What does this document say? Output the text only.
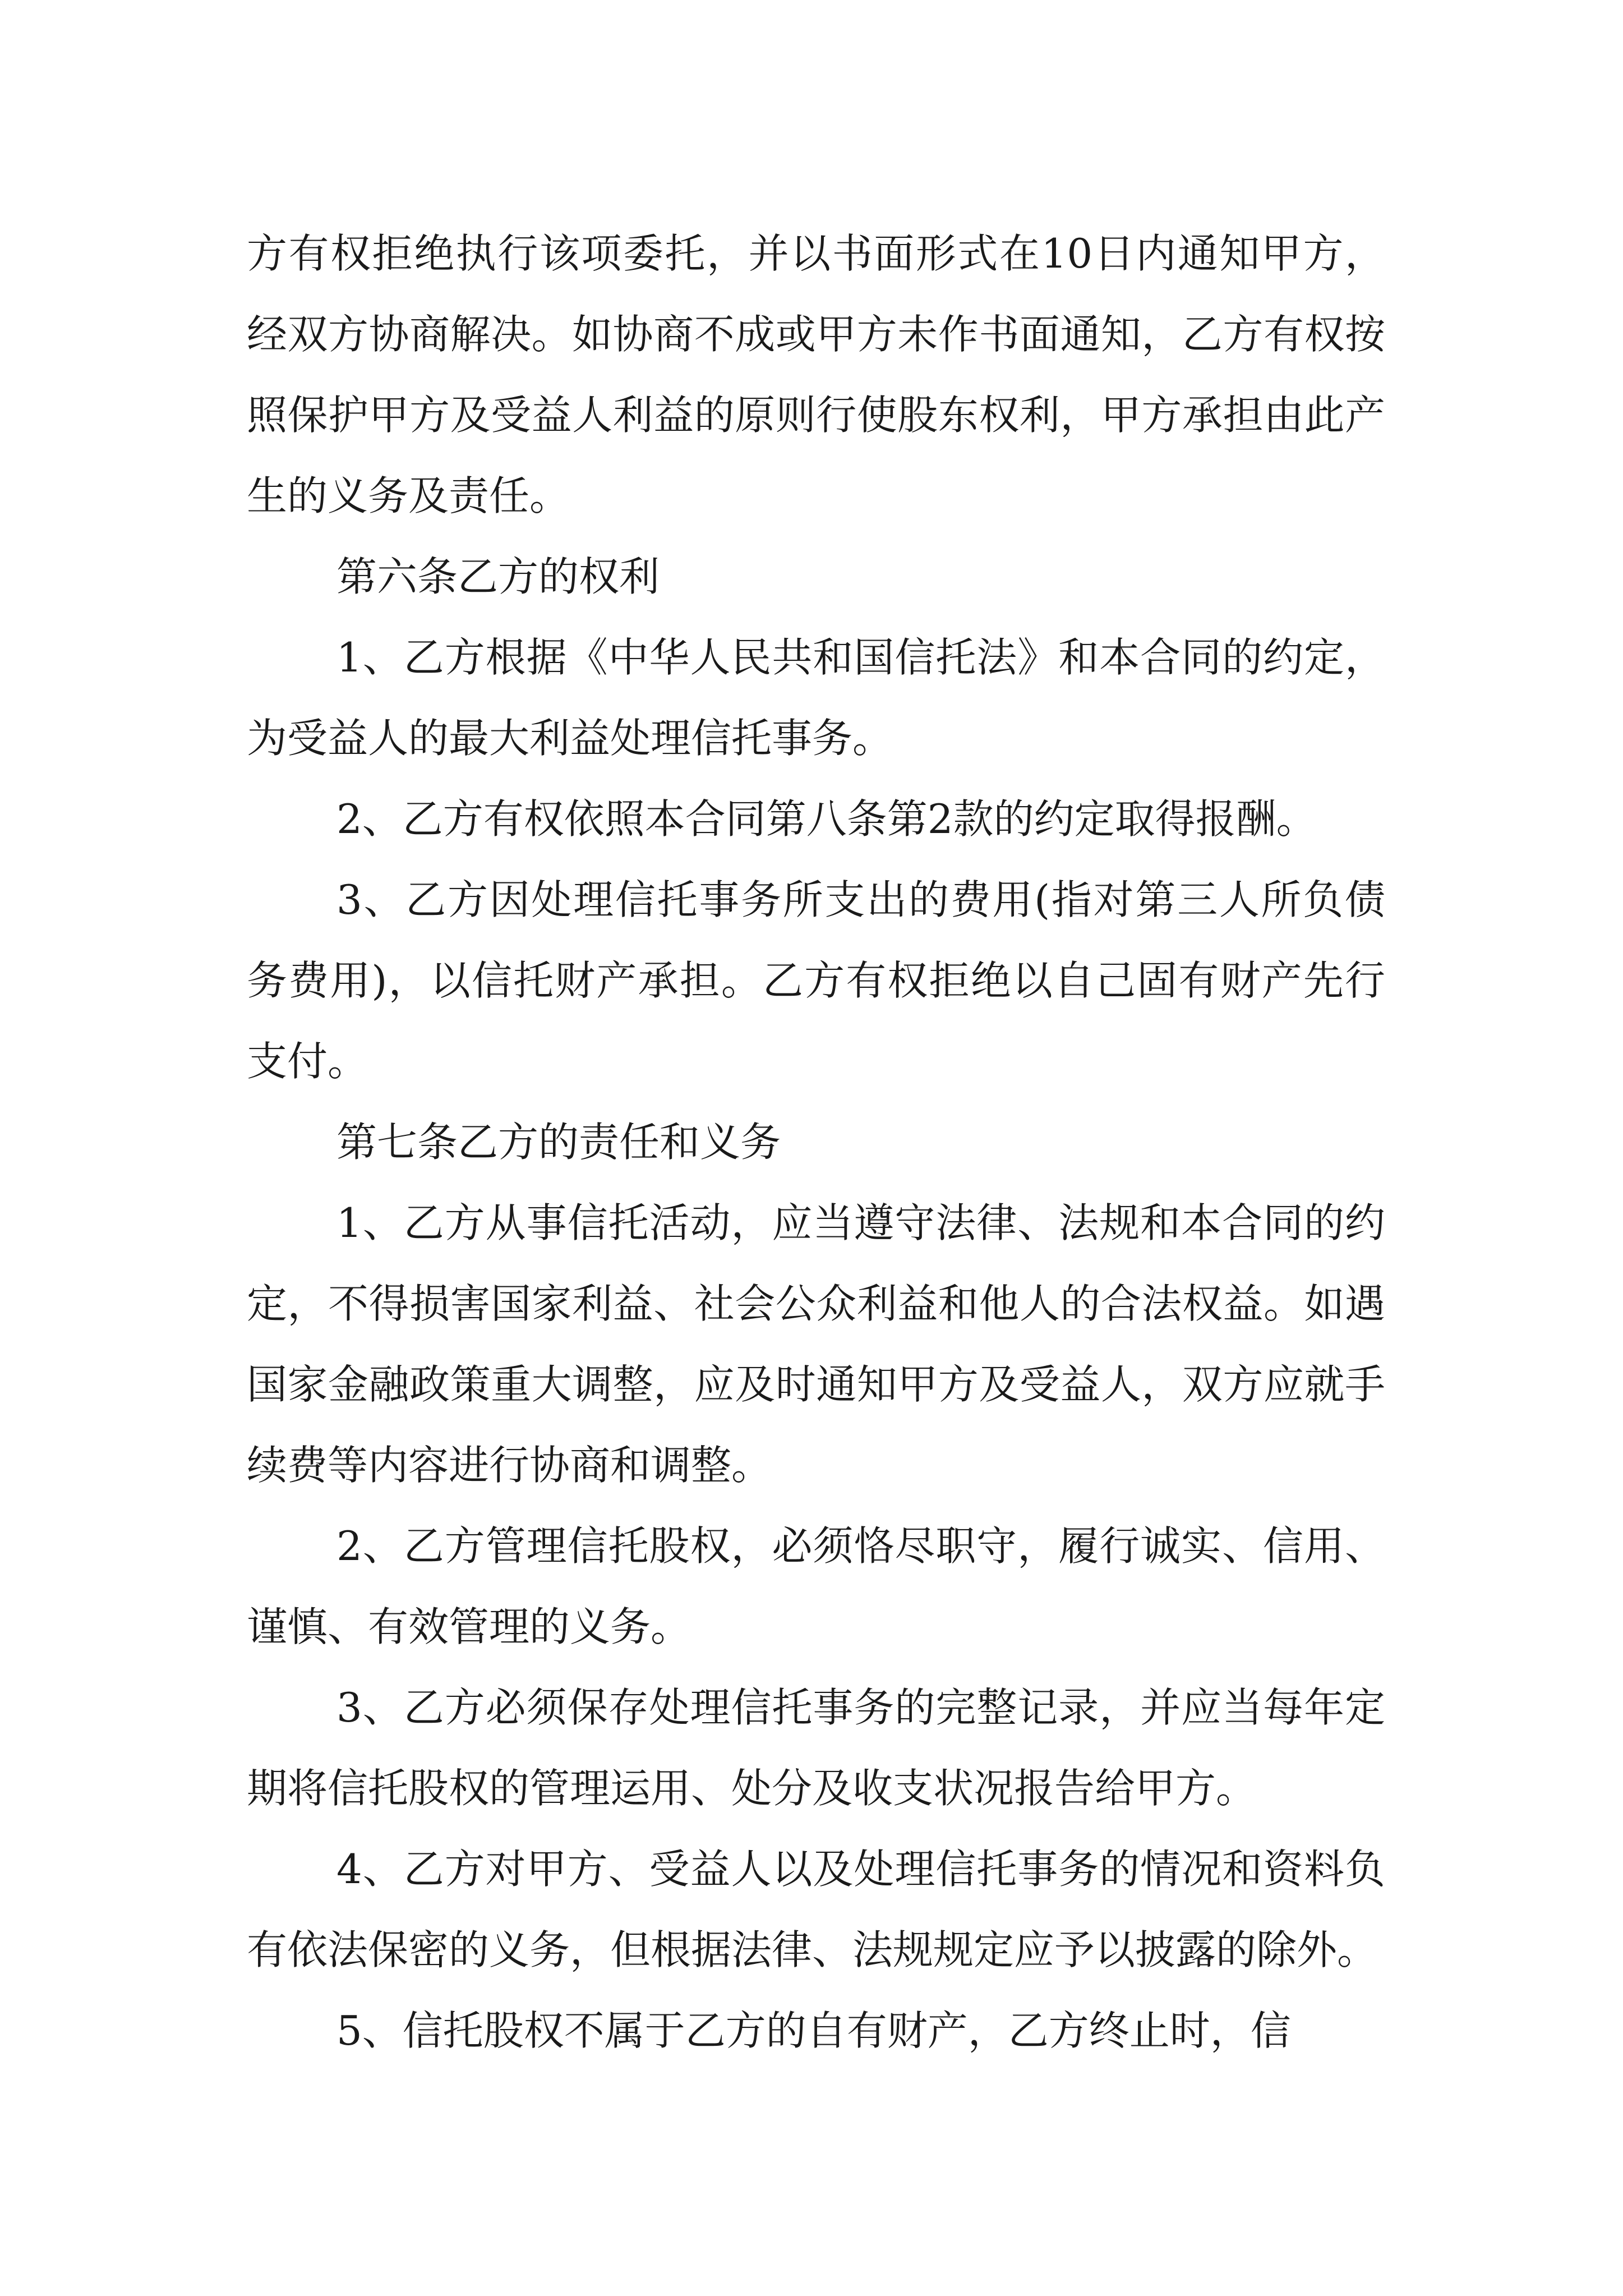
方有权拒绝执行该项委托，并以书面形式在10日内通知甲方，经双方协商解决。如协商不成或甲方未作书面通知，乙方有权按照保护甲方及受益人利益的原则行使股东权利，甲方承担由此产生的义务及责任。

第六条乙方的权利

1、乙方根据《中华人民共和国信托法》和本合同的约定，为受益人的最大利益处理信托事务。

2、乙方有权依照本合同第八条第2款的约定取得报酬。

3、乙方因处理信托事务所支出的费用(指对第三人所负债务费用)，以信托财产承担。乙方有权拒绝以自己固有财产先行支付。

第七条乙方的责任和义务

1、乙方从事信托活动，应当遵守法律、法规和本合同的约定，不得损害国家利益、社会公众利益和他人的合法权益。如遇国家金融政策重大调整，应及时通知甲方及受益人，双方应就手续费等内容进行协商和调整。

2、乙方管理信托股权，必须恪尽职守，履行诚实、信用、谨慎、有效管理的义务。

3、乙方必须保存处理信托事务的完整记录，并应当每年定期将信托股权的管理运用、处分及收支状况报告给甲方。

4、乙方对甲方、受益人以及处理信托事务的情况和资料负有依法保密的义务，但根据法律、法规规定应予以披露的除外。

5、信托股权不属于乙方的自有财产，乙方终止时，信
